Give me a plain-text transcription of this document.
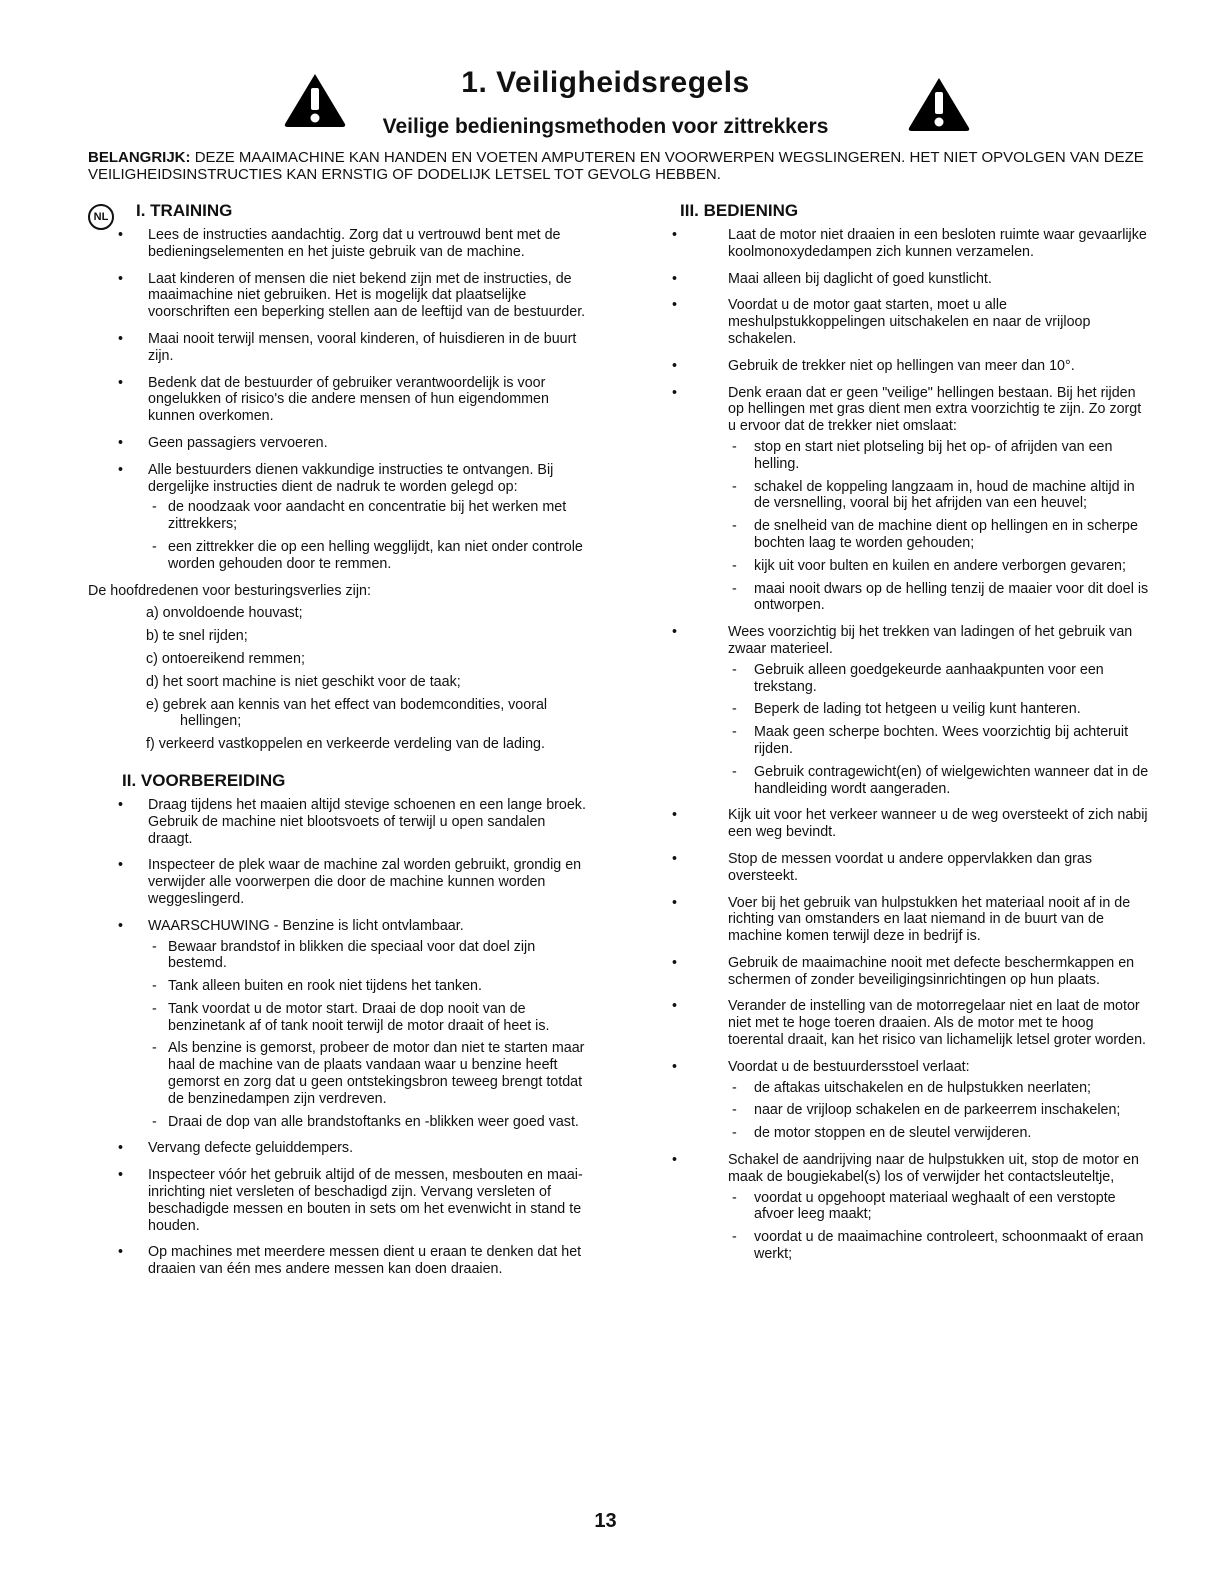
1. Veiligheidsregels
Veilige bedieningsmethoden voor zittrekkers
BELANGRIJK: DEZE MAAIMACHINE KAN HANDEN EN VOETEN AMPUTEREN EN VOORWERPEN WEGSLINGEREN. HET NIET OPVOLGEN VAN DEZE VEILIGHEIDSINSTRUCTIES KAN ERNSTIG OF DODELIJK LETSEL TOT GEVOLG HEBBEN.
NL	I. TRAINING
• Lees de instructies aandachtig. Zorg dat u vertrouwd bent met de bedieningselementen en het juiste gebruik van de machine.
• Laat kinderen of mensen die niet bekend zijn met de instructies, de maaimachine niet gebruiken. Het is mogelijk dat plaatselijke voorschriften een beperking stellen aan de leeftijd van de bestuurder.
• Maai nooit terwijl mensen, vooral kinderen, of huisdieren in de buurt zijn.
• Bedenk dat de bestuurder of gebruiker verantwoordelijk is voor ongelukken of risico's die andere mensen of hun eigendommen kunnen overkomen.
• Geen passagiers vervoeren.
• Alle bestuurders dienen vakkundige instructies te ontvangen. Bij dergelijke instructies dient de nadruk te worden gelegd op:
- de noodzaak voor aandacht en concentratie bij het werken met zittrekkers;
- een zittrekker die op een helling wegglijdt, kan niet onder controle worden gehouden door te remmen.
De hoofdredenen voor besturingsverlies zijn:
a) onvoldoende houvast;
b) te snel rijden;
c) ontoereikend remmen;
d) het soort machine is niet geschikt voor de taak;
e) gebrek aan kennis van het effect van bodemcondities, vooral hellingen;
f) verkeerd vastkoppelen en verkeerde verdeling van de lading.
II. VOORBEREIDING
• Draag tijdens het maaien altijd stevige schoenen en een lange broek. Gebruik de machine niet blootsvoets of terwijl u open sandalen draagt.
• Inspecteer de plek waar de machine zal worden gebruikt, grondig en verwijder alle voorwerpen die door de machine kunnen worden weggeslingerd.
• WAARSCHUWING - Benzine is licht ontvlambaar.
- Bewaar brandstof in blikken die speciaal voor dat doel zijn bestemd.
- Tank alleen buiten en rook niet tijdens het tanken.
- Tank voordat u de motor start. Draai de dop nooit van de benzinetank af of tank nooit terwijl de motor draait of heet is.
- Als benzine is gemorst, probeer de motor dan niet te starten maar haal de machine van de plaats vandaan waar u benzine heeft gemorst en zorg dat u geen ontstekingsbron teweeg brengt totdat de benzinedampen zijn verdreven.
- Draai de dop van alle brandstoftanks en -blikken weer goed vast.
• Vervang defecte geluiddempers.
• Inspecteer vóór het gebruik altijd of de messen, mesbouten en maai-inrichting niet versleten of beschadigd zijn. Vervang versleten of beschadigde messen en bouten in sets om het evenwicht in stand te houden.
• Op machines met meerdere messen dient u eraan te denken dat het draaien van één mes andere messen kan doen draaien.
III. BEDIENING
• Laat de motor niet draaien in een besloten ruimte waar gevaarlijke koolmonoxydedampen zich kunnen verzamelen.
• Maai alleen bij daglicht of goed kunstlicht.
• Voordat u de motor gaat starten, moet u alle meshulpstukkoppelingen uitschakelen en naar de vrijloop schakelen.
• Gebruik de trekker niet op hellingen van meer dan 10°.
• Denk eraan dat er geen "veilige" hellingen bestaan. Bij het rijden op hellingen met gras dient men extra voorzichtig te zijn. Zo zorgt u ervoor dat de trekker niet omslaat:
- stop en start niet plotseling bij het op- of afrijden van een helling.
- schakel de koppeling langzaam in, houd de machine altijd in de versnelling, vooral bij het afrijden van een heuvel;
- de snelheid van de machine dient op hellingen en in scherpe bochten laag te worden gehouden;
- kijk uit voor bulten en kuilen en andere verborgen gevaren;
- maai nooit dwars op de helling tenzij de maaier voor dit doel is ontworpen.
• Wees voorzichtig bij het trekken van ladingen of het gebruik van zwaar materieel.
- Gebruik alleen goedgekeurde aanhaakpunten voor een trekstang.
- Beperk de lading tot hetgeen u veilig kunt hanteren.
- Maak geen scherpe bochten. Wees voorzichtig bij achteruit rijden.
- Gebruik contragewicht(en) of wielgewichten wanneer dat in de handleiding wordt aangeraden.
• Kijk uit voor het verkeer wanneer u de weg oversteekt of zich nabij een weg bevindt.
• Stop de messen voordat u andere oppervlakken dan gras oversteekt.
• Voer bij het gebruik van hulpstukken het materiaal nooit af in de richting van omstanders en laat niemand in de buurt van de machine komen terwijl deze in bedrijf is.
• Gebruik de maaimachine nooit met defecte beschermkappen en schermen of zonder beveiligingsinrichtingen op hun plaats.
• Verander de instelling van de motorregelaar niet en laat de motor niet met te hoge toeren draaien. Als de motor met te hoog toerental draait, kan het risico van lichamelijk letsel groter worden.
• Voordat u de bestuurdersstoel verlaat:
- de aftakas uitschakelen en de hulpstukken neerlaten;
- naar de vrijloop schakelen en de parkeerrem inschakelen;
- de motor stoppen en de sleutel verwijderen.
• Schakel de aandrijving naar de hulpstukken uit, stop de motor en maak de bougiekabel(s) los of verwijder het contactsleuteltje,
- voordat u opgehoopt materiaal weghaalt of een verstopte afvoer leeg maakt;
- voordat u de maaimachine controleert, schoonmaakt of eraan werkt;
13
